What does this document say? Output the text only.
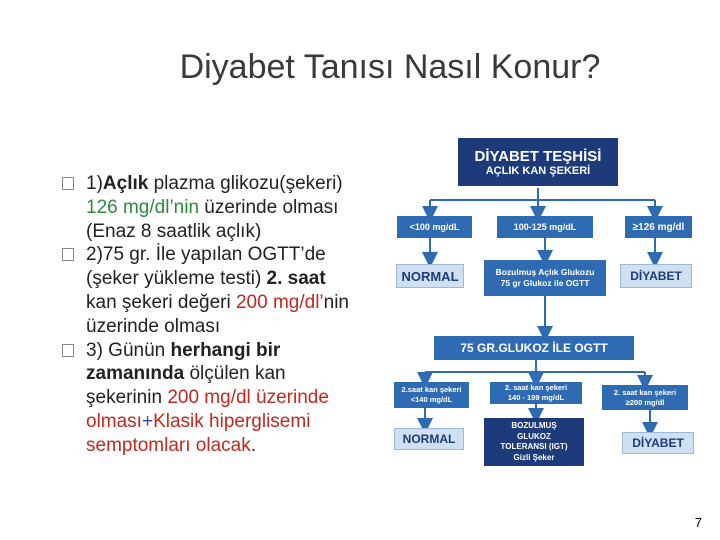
Diyabet Tanısı Nasıl Konur?
1)Açlık plazma glikozu(şekeri) 126 mg/dl’nin üzerinde olması (Enaz 8 saatlik açlık)
2)75 gr. İle yapılan OGTT’de (şeker yükleme testi) 2. saat kan şekeri değeri 200 mg/dl’nin üzerinde olması
3) Günün herhangi bir zamanında ölçülen kan şekerinin 200 mg/dl üzerinde olması+Klasik hiperglisemi semptomları olacak.
DİYABET TEŞHİSİ
AÇLIK KAN ŞEKERİ
<100 mg/dL	100-125 mg/dL	≥126 mg/dl
NORMAL	Bozulmuş Açlık Glukozu
75 gr Glukoz ile OGTT	DİYABET
75 GR.GLUKOZ İLE OGTT
2.saat kan şekeri
<140 mg/dL
2. saat kan şekeri
140 - 199 mg/dL
2. saat kan şekeri
≥200 mg/dl
NORMAL
BOZULMUŞ
GLUKOZ
TOLERANSI (IGT)
Gizli Şeker
DİYABET
7
